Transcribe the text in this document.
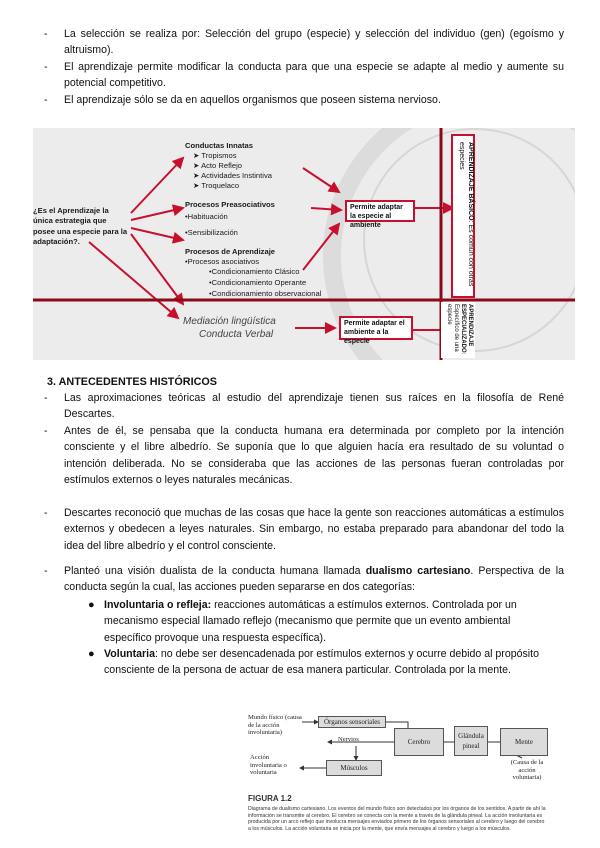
- La selección se realiza por: Selección del grupo (especie) y selección del individuo (gen) (egoísmo y altruismo).
- El aprendizaje permite modificar la conducta para que una especie se adapte al medio y aumente su potencial competitivo.
- El aprendizaje sólo se da en aquellos organismos que poseen sistema nervioso.
¿Es el Aprendizaje la única estrategia que posee una especie para la adaptación?.
Conductas Innatas
➤ Tropismos
➤ Acto Reflejo
➤ Actividades Instintiva
➤ Troquelaco
Procesos Preasociativos
•Habituación
•Sensibilización
Procesos de Aprendizaje
•Procesos asociativos
•Condicionamiento Clásico
•Condicionamiento Operante
•Condicionamiento observacional
Permite adaptar la especie al ambiente
Mediación lingüística
Conducta Verbal
Permite adaptar el ambiente a la especie
APRENDIZAJE BÁSICO: Es común con otras especies
APRENDIZAJE ESPECIALIZADO: Específico de una especie
3. ANTECEDENTES HISTÓRICOS
- Las aproximaciones teóricas al estudio del aprendizaje tienen sus raíces en la filosofía de René Descartes.
- Antes de él, se pensaba que la conducta humana era determinada por completo por la intención consciente y el libre albedrío. Se suponía que lo que alguien hacía era resultado de su voluntad o intención deliberada. No se consideraba que las acciones de las personas fueran controladas por estímulos externos o leyes naturales mecánicas.
- Descartes reconoció que muchas de las cosas que hace la gente son reacciones automáticas a estímulos externos y obedecen a leyes naturales. Sin embargo, no estaba preparado para abandonar del todo la idea del libre albedrío y el control consciente.
- Planteó una visión dualista de la conducta humana llamada dualismo cartesiano. Perspectiva de la conducta según la cual, las acciones pueden separarse en dos categorías:
● Involuntaria o refleja: reacciones automáticas a estímulos externos. Controlada por un mecanismo especial llamado reflejo (mecanismo que permite que un evento ambiental específico provoque una respuesta específica).
● Voluntaria: no debe ser desencadenada por estímulos externos y ocurre debido al propósito consciente de la persona de actuar de esa manera particular. Controlada por la mente.
Mundo físico (causa de la acción involuntaria)
Órganos sensoriales
Nervios	Cerebro
Glándula pineal	Mente
(Causa de la acción voluntaria)
Músculos
Acción involuntaria o voluntaria
FIGURA 1.2
Diagrama de dualismo cartesiano. Los eventos del mundo físico son detectados por los órganos de los sentidos. A partir de ahí la información se transmite al cerebro. El cerebro se conecta con la mente a través de la glándula pineal. La acción involuntaria es producida por un arco reflejo que involucra mensajes enviados primero de los órganos sensoriales al cerebro y luego del cerebro a los músculos. La acción voluntaria se inicia por la mente, que envía mensajes al cerebro y luego a los músculos.
